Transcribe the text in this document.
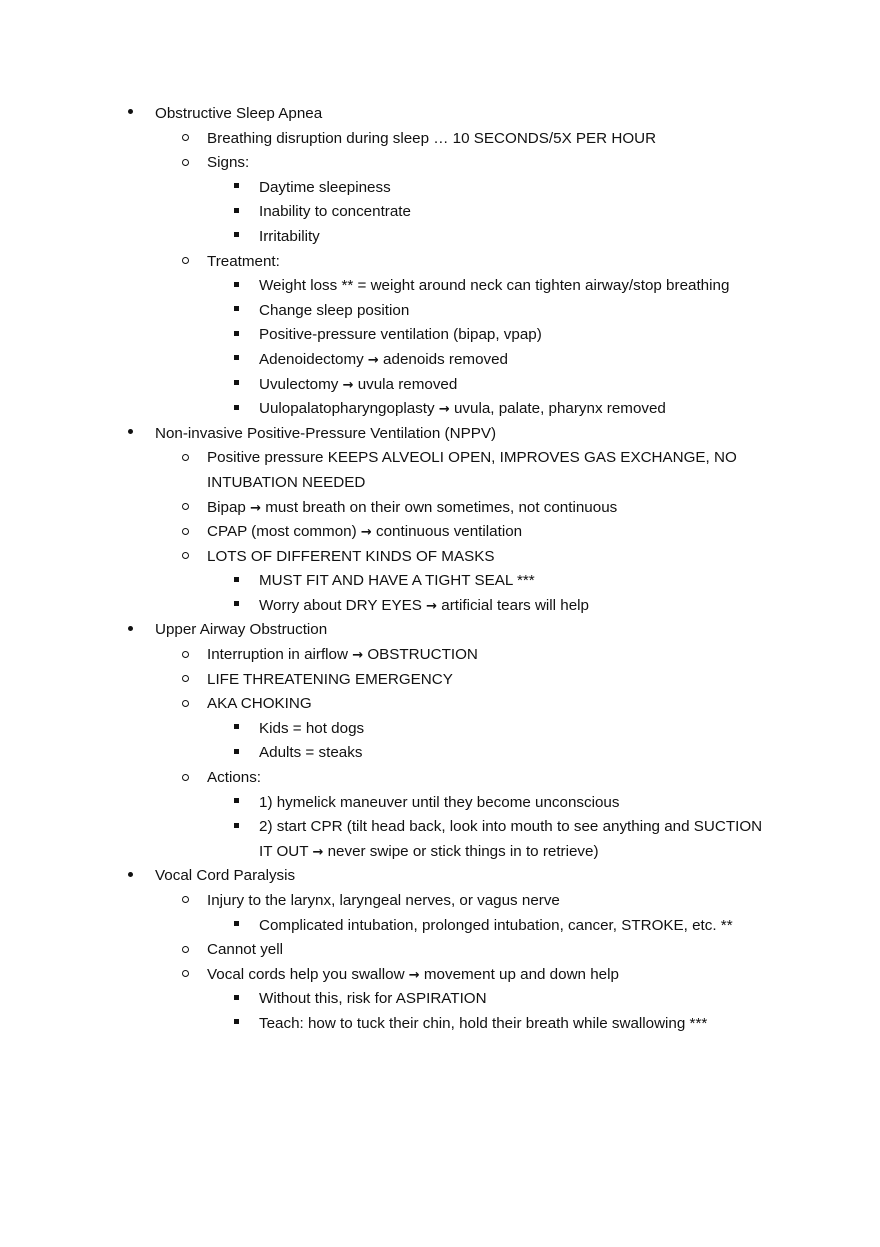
Obstructive Sleep Apnea
Breathing disruption during sleep … 10 SECONDS/5X PER HOUR
Signs:
Daytime sleepiness
Inability to concentrate
Irritability
Treatment:
Weight loss ** = weight around neck can tighten airway/stop breathing
Change sleep position
Positive-pressure ventilation (bipap, vpap)
Adenoidectomy → adenoids removed
Uvulectomy → uvula removed
Uulopalatopharyngoplasty → uvula, palate, pharynx removed
Non-invasive Positive-Pressure Ventilation (NPPV)
Positive pressure KEEPS ALVEOLI OPEN, IMPROVES GAS EXCHANGE, NO
INTUBATION NEEDED
Bipap → must breath on their own sometimes, not continuous
CPAP (most common) → continuous ventilation
LOTS OF DIFFERENT KINDS OF MASKS
MUST FIT AND HAVE A TIGHT SEAL ***
Worry about DRY EYES → artificial tears will help
Upper Airway Obstruction
Interruption in airflow → OBSTRUCTION
LIFE THREATENING EMERGENCY
AKA CHOKING
Kids = hot dogs
Adults = steaks
Actions:
1) hymelick maneuver until they become unconscious
2) start CPR (tilt head back, look into mouth to see anything and SUCTION
IT OUT → never swipe or stick things in to retrieve)
Vocal Cord Paralysis
Injury to the larynx, laryngeal nerves, or vagus nerve
Complicated intubation, prolonged intubation, cancer, STROKE, etc. **
Cannot yell
Vocal cords help you swallow → movement up and down help
Without this, risk for ASPIRATION
Teach: how to tuck their chin, hold their breath while swallowing ***
